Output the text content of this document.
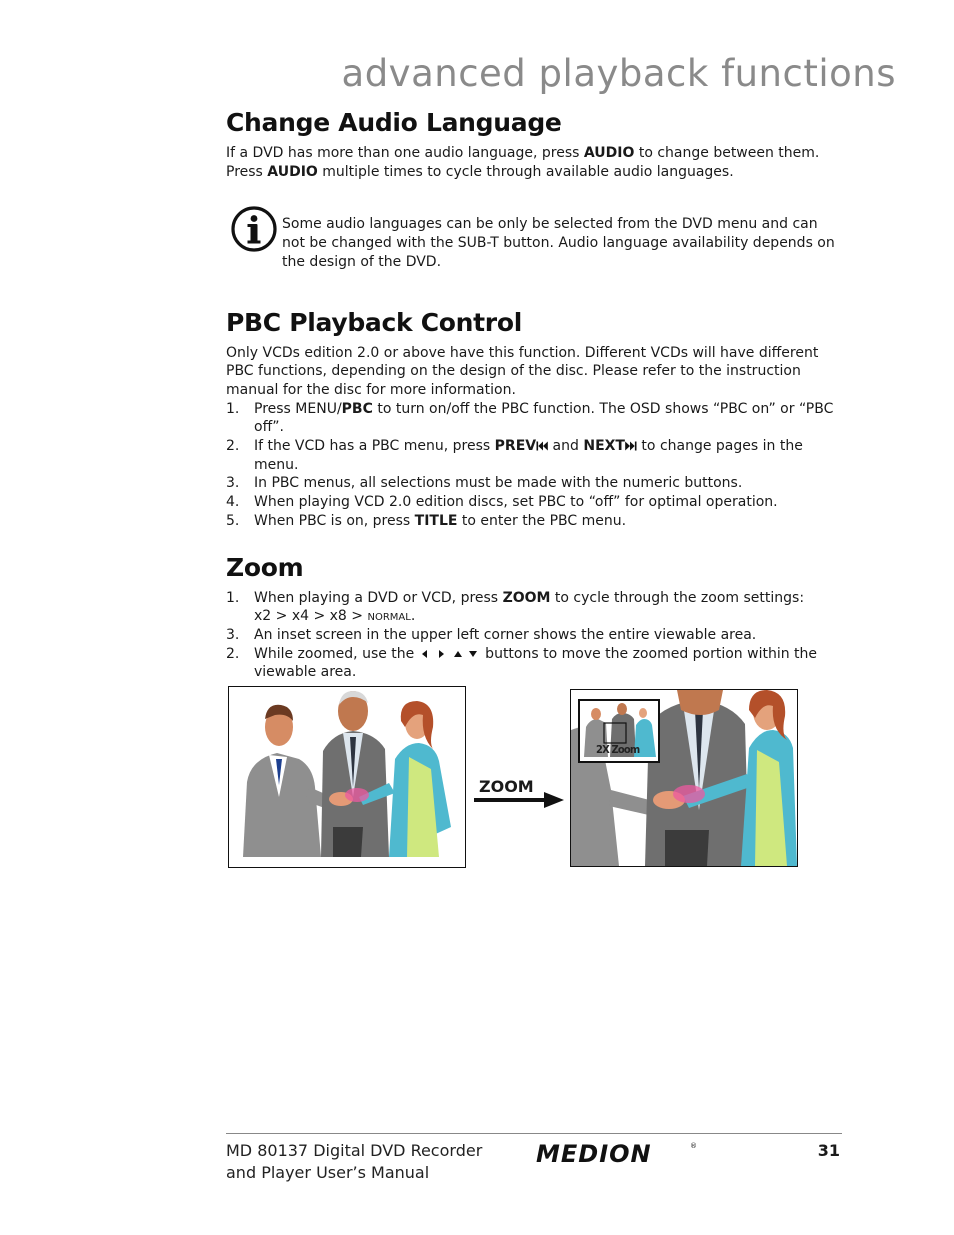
advanced playback functions
Change Audio Language

If a DVD has more than one audio language, press AUDIO to change between them.

Press AUDIO multiple times to cycle through available audio languages.

Some audio languages can be only be selected from the DVD menu and can not be changed with the SUB-T button. Audio language availability depends on the design of the DVD.
PBC Playback Control

Only VCDs edition 2.0 or above have this function. Different VCDs will have different PBC functions, depending on the design of the disc. Please refer to the instruction manual for the disc for more information.

1.	Press MENU/PBC to turn on/off the PBC function. The OSD shows “PBC on” or “PBC off”.
2.	If the VCD has a PBC menu, press PREV and NEXT to change pages in the menu.
3.	In PBC menus, all selections must be made with the numeric buttons.
4.	When playing VCD 2.0 edition discs, set PBC to “off” for optimal operation.
5.	When PBC is on, press TITLE to enter the PBC menu.
Zoom
1.	When playing a DVD or VCD, press ZOOM to cycle through the zoom settings:
x2 > x4 > x8 > normal.
3.	An inset screen in the upper left corner shows the entire viewable area.
2.	While zoomed, use the	buttons to move the zoomed portion within the viewable area.
ZOOM
2X Zoom
MD 80137 Digital DVD Recorder
and Player User’s Manual
MEDION	®	31
